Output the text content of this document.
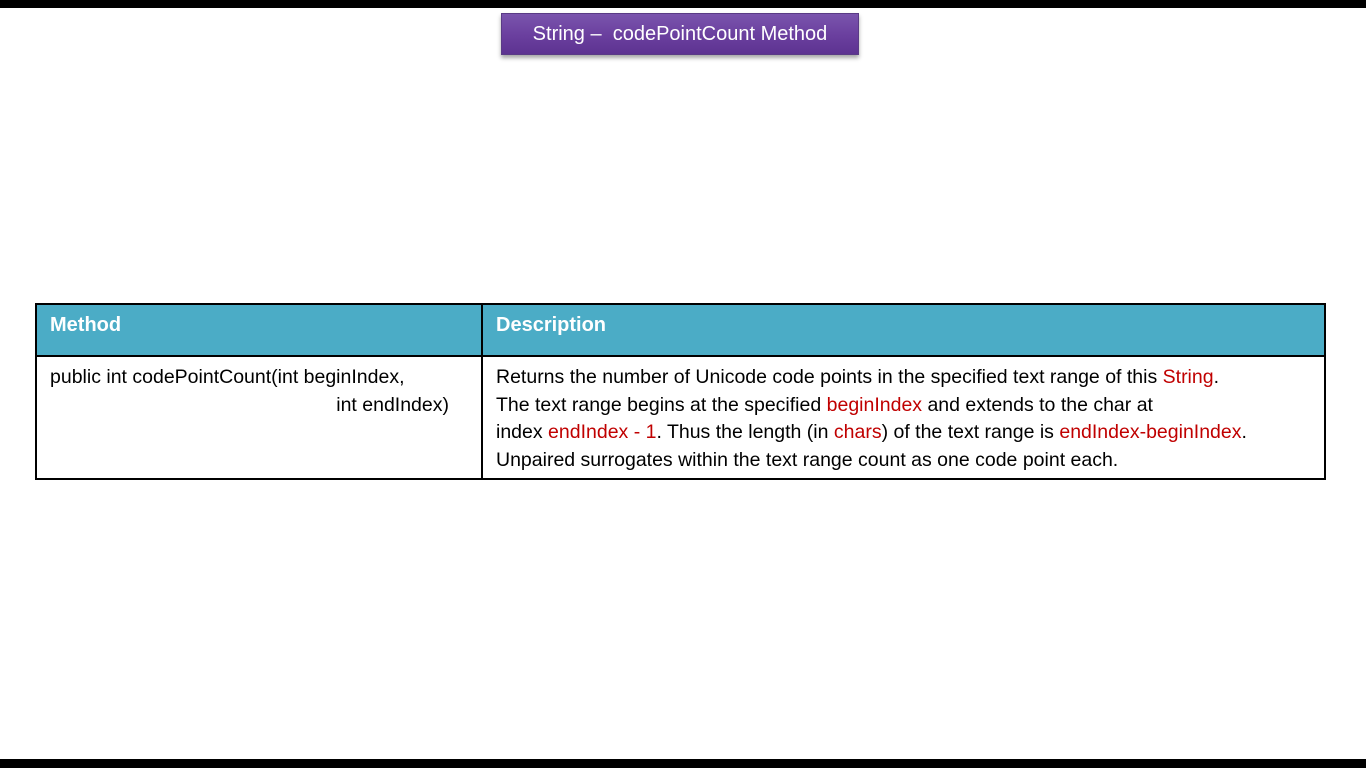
String –  codePointCount Method
Method	Description

public int codePointCount(int beginIndex,
int endIndex)	Returns the number of Unicode code points in the specified text range of this String.
The text range begins at the specified beginIndex and extends to the char at
index endIndex - 1. Thus the length (in chars) of the text range is endIndex-beginIndex.
Unpaired surrogates within the text range count as one code point each.
